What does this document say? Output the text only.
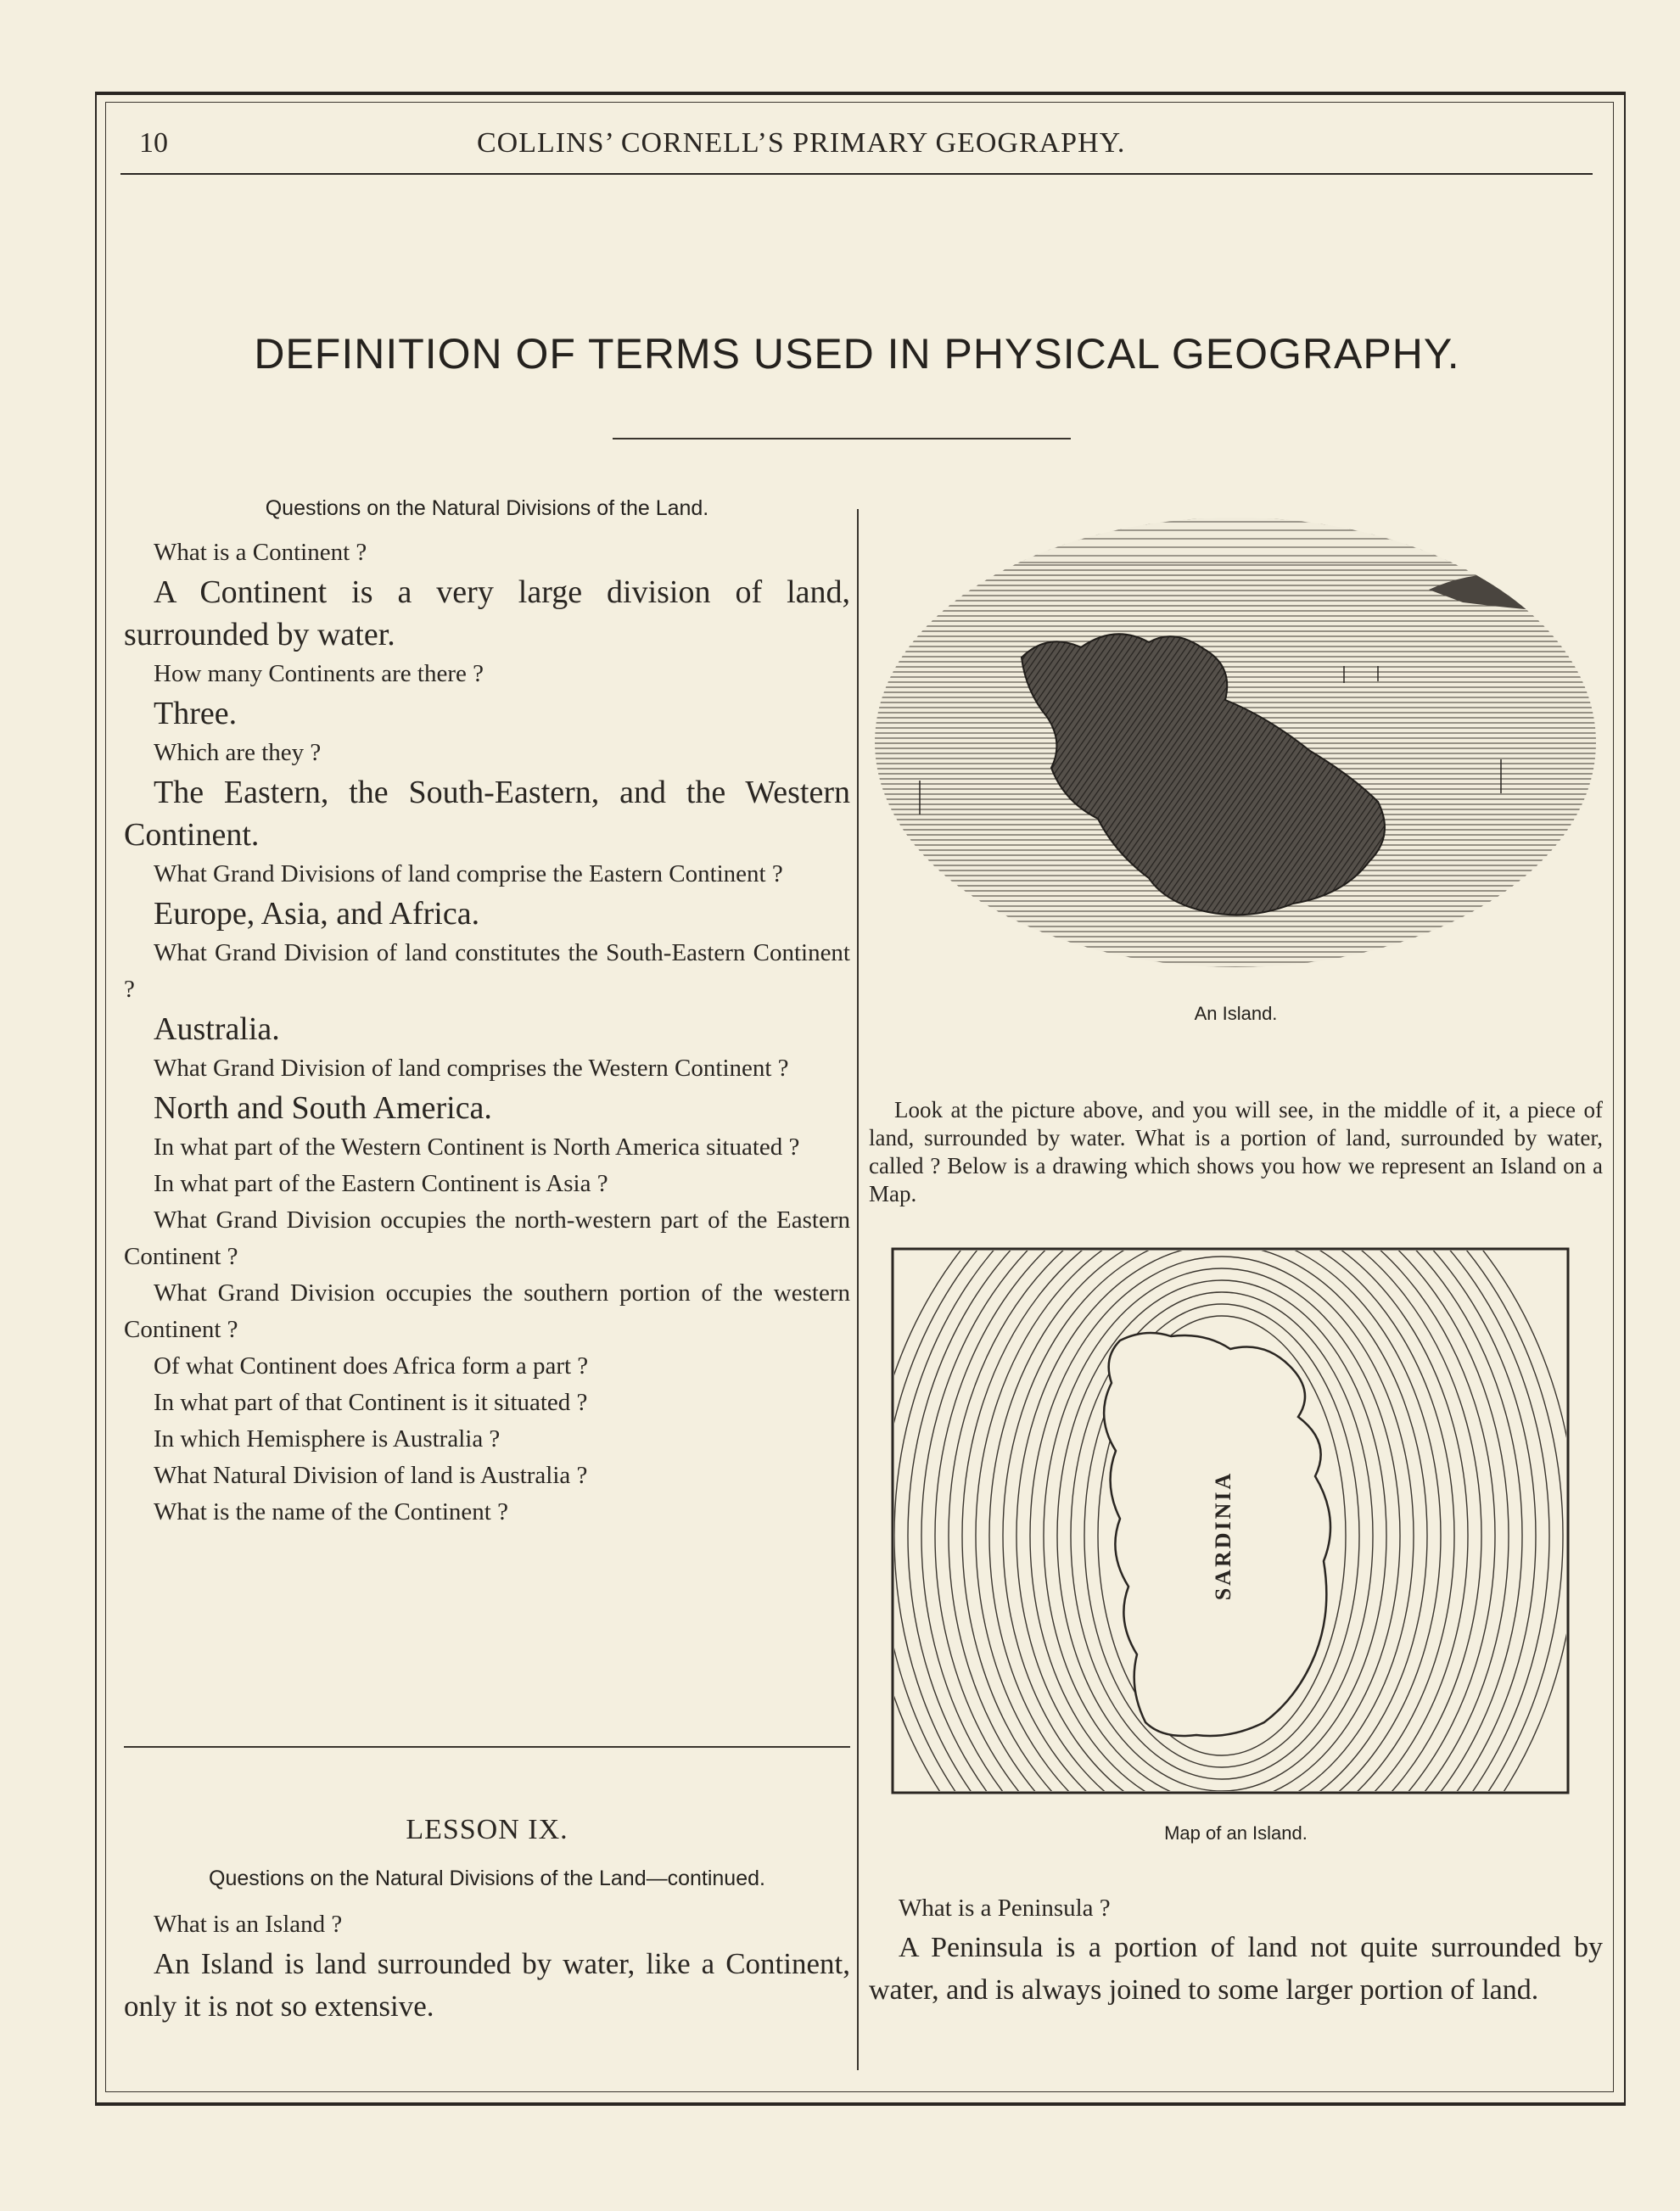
10	COLLINS’ CORNELL’S PRIMARY GEOGRAPHY.
DEFINITION OF TERMS USED IN PHYSICAL GEOGRAPHY.

Questions on the Natural Divisions of the Land.

What is a Continent ?

A Continent is a very large division of land, surrounded by water.

How many Continents are there ?

Three.

Which are they ?

The Eastern, the South-Eastern, and the Western Continent.

What Grand Divisions of land comprise the Eastern Continent ?

Europe, Asia, and Africa.

What Grand Division of land constitutes the South-Eastern Continent ?

Australia.

What Grand Division of land comprises the Western Continent ?

North and South America.

In what part of the Western Continent is North America situated ?

In what part of the Eastern Continent is Asia ?

What Grand Division occupies the north-western part of the Eastern Continent ?

What Grand Division occupies the southern portion of the western Continent ?

Of what Continent does Africa form a part ?

In what part of that Continent is it situated ?

In which Hemisphere is Australia ?

What Natural Division of land is Australia ?

What is the name of the Continent ?

LESSON IX.

Questions on the Natural Divisions of the Land—continued.

What is an Island ?

An Island is land surrounded by water, like a Continent, only it is not so extensive.

An Island.

Look at the picture above, and you will see, in the middle of it, a piece of land, surrounded by water. What is a portion of land, surrounded by water, called ? Below is a drawing which shows you how we represent an Island on a Map.

SARDINIA

Map of an Island.

What is a Peninsula ?

A Peninsula is a portion of land not quite surrounded by water, and is always joined to some larger portion of land.
